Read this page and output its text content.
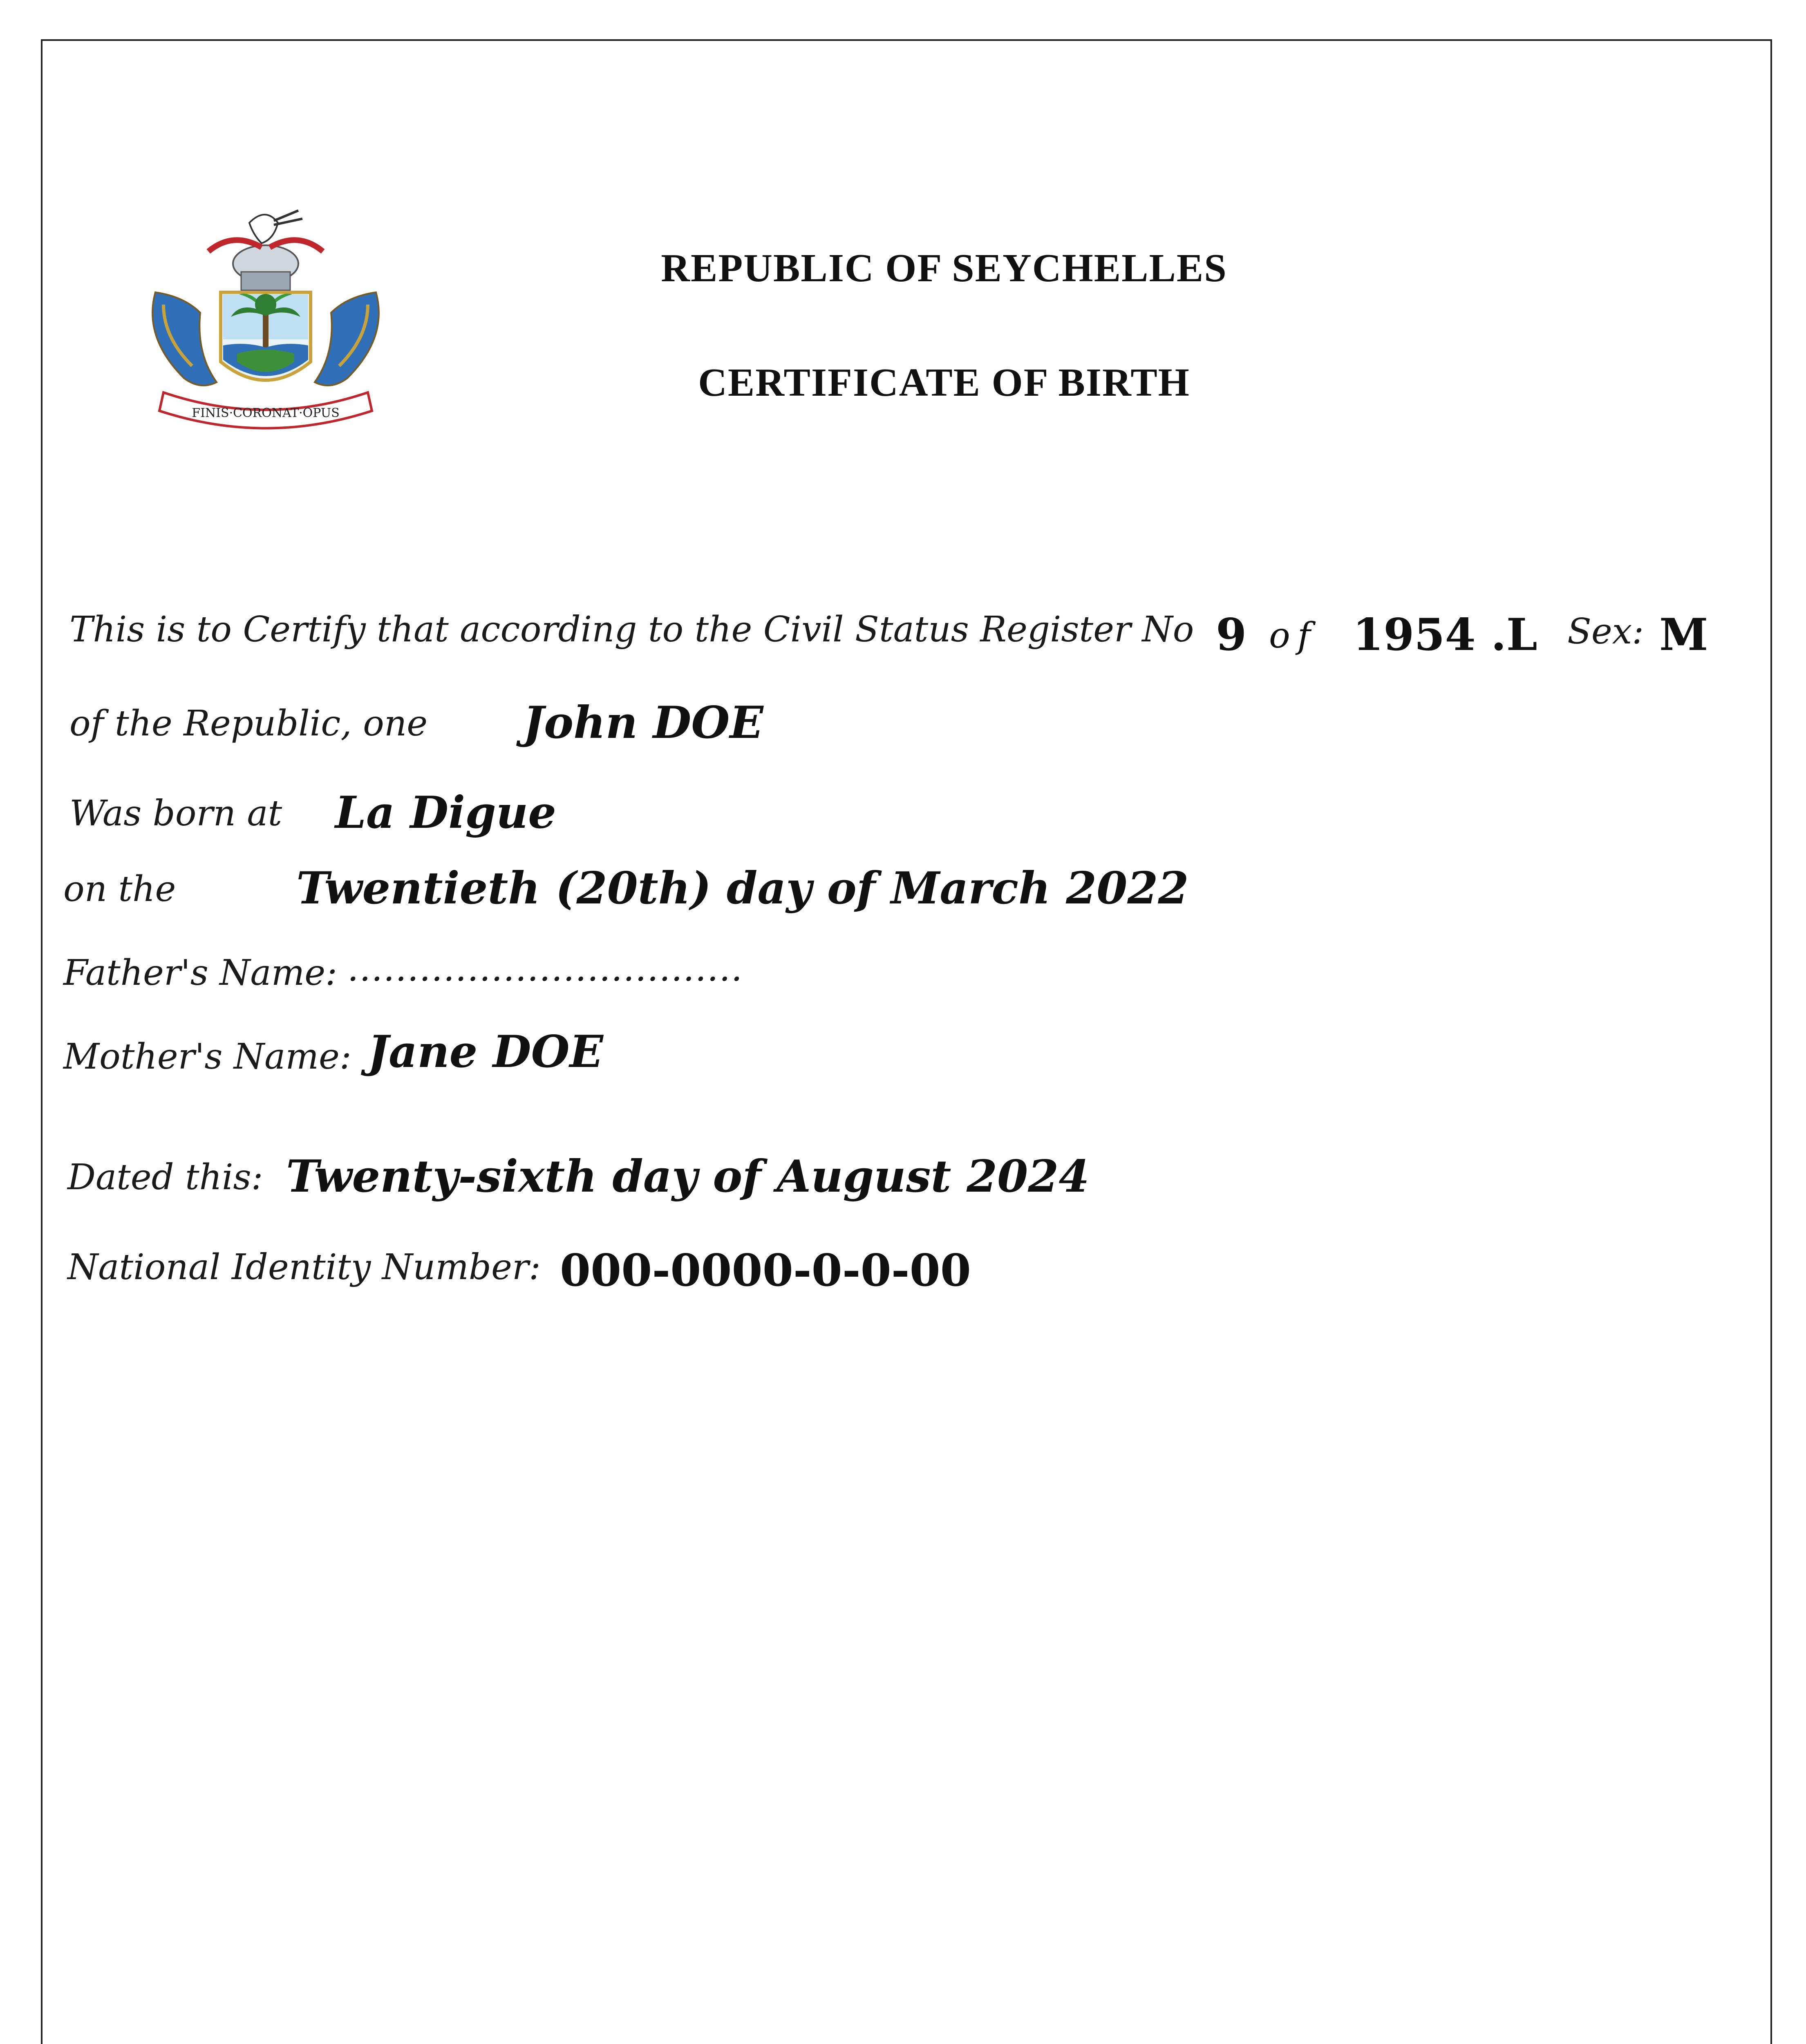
FINIS·CORONAT·OPUS
REPUBLIC OF SEYCHELLES
CERTIFICATE OF BIRTH
This is to Certify that according to the Civil Status Register No 9 of 1954 .L Sex: M
of the Republic, one John DOE
Was born at La Digue
on the	Twentieth (20th) day of March 2022
Father's Name: .................................
Mother's Name: Jane DOE
Dated this: Twenty-sixth day of August 2024
National Identity Number: 000-0000-0-0-00
